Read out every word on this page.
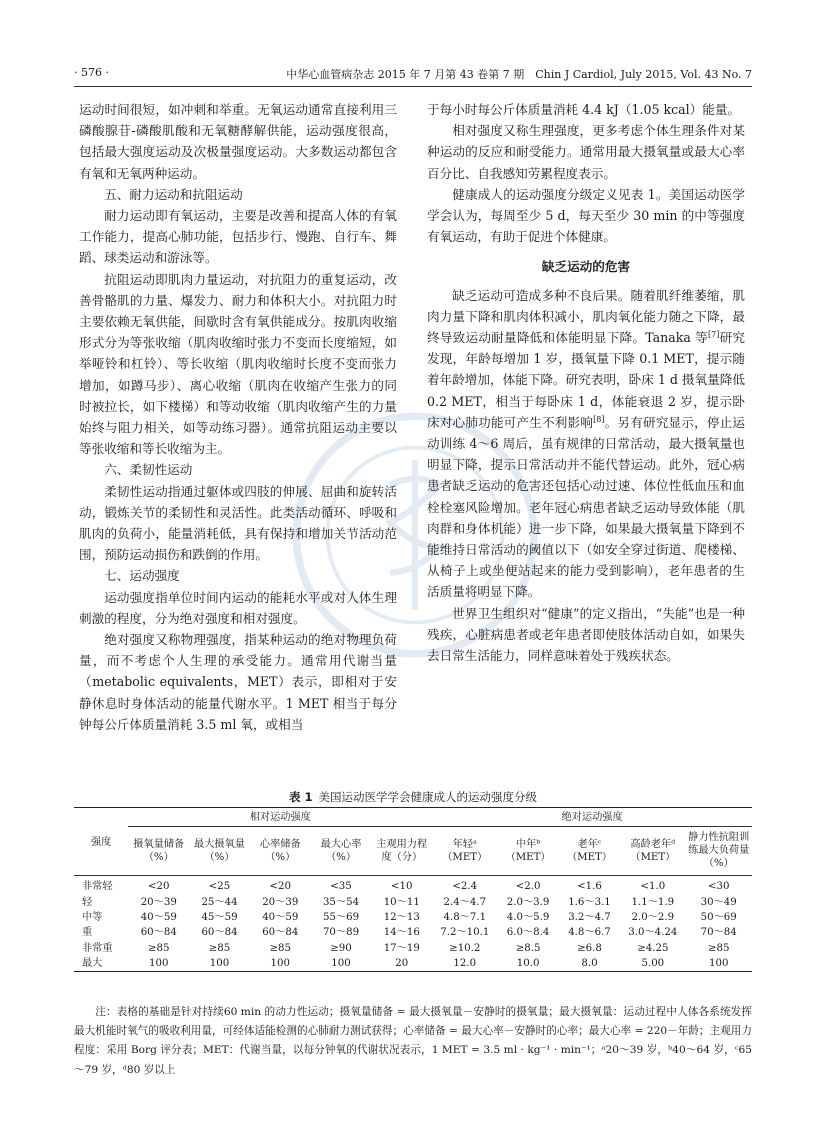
· 576 ·	中华心血管病杂志 2015 年 7 月第 43 卷第 7 期　Chin J Cardiol, July 2015, Vol. 43 No. 7

运动时间很短，如冲刺和举重。无氧运动通常直接利用三磷酸腺苷-磷酸肌酸和无氧糖酵解供能，运动强度很高，包括最大强度运动及次极量强度运动。大多数运动都包含有氧和无氧两种运动。

五、耐力运动和抗阻运动

耐力运动即有氧运动，主要是改善和提高人体的有氧工作能力，提高心肺功能，包括步行、慢跑、自行车、舞蹈、球类运动和游泳等。

抗阻运动即肌肉力量运动，对抗阻力的重复运动，改善骨骼肌的力量、爆发力、耐力和体积大小。对抗阻力时主要依赖无氧供能，间歇时含有氧供能成分。按肌肉收缩形式分为等张收缩（肌肉收缩时张力不变而长度缩短，如举哑铃和杠铃）、等长收缩（肌肉收缩时长度不变而张力增加，如蹲马步）、离心收缩（肌肉在收缩产生张力的同时被拉长，如下楼梯）和等动收缩（肌肉收缩产生的力量始终与阻力相关，如等动练习器）。通常抗阻运动主要以等张收缩和等长收缩为主。

六、柔韧性运动

柔韧性运动指通过躯体或四肢的伸展、屈曲和旋转活动，锻炼关节的柔韧性和灵活性。此类活动循环、呼吸和肌肉的负荷小，能量消耗低，具有保持和增加关节活动范围，预防运动损伤和跌倒的作用。

七、运动强度

运动强度指单位时间内运动的能耗水平或对人体生理刺激的程度，分为绝对强度和相对强度。

绝对强度又称物理强度，指某种运动的绝对物理负荷量，而不考虑个人生理的承受能力。通常用代谢当量（metabolic equivalents，MET）表示，即相对于安静休息时身体活动的能量代谢水平。1 MET 相当于每分钟每公斤体质量消耗 3.5 ml 氧，或相当

于每小时每公斤体质量消耗 4.4 kJ（1.05 kcal）能量。

相对强度又称生理强度，更多考虑个体生理条件对某种运动的反应和耐受能力。通常用最大摄氧量或最大心率百分比、自我感知劳累程度表示。

健康成人的运动强度分级定义见表 1。美国运动医学学会认为，每周至少 5 d，每天至少 30 min 的中等强度有氧运动，有助于促进个体健康。

缺乏运动的危害

缺乏运动可造成多种不良后果。随着肌纤维萎缩，肌肉力量下降和肌肉体积减小，肌肉氧化能力随之下降，最终导致运动耐量降低和体能明显下降。Tanaka 等[7]研究发现，年龄每增加 1 岁，摄氧量下降 0.1 MET，提示随着年龄增加，体能下降。研究表明，卧床 1 d 摄氧量降低 0.2 MET，相当于每卧床 1 d，体能衰退 2 岁，提示卧床对心肺功能可产生不利影响[8]。另有研究显示，停止运动训练 4～6 周后，虽有规律的日常活动，最大摄氧量也明显下降，提示日常活动并不能代替运动。此外，冠心病患者缺乏运动的危害还包括心动过速、体位性低血压和血栓栓塞风险增加。老年冠心病患者缺乏运动导致体能（肌肉群和身体机能）进一步下降，如果最大摄氧量下降到不能维持日常活动的阈值以下（如安全穿过街道、爬楼梯、从椅子上或坐便站起来的能力受到影响），老年患者的生活质量将明显下降。

世界卫生组织对“健康”的定义指出，“失能”也是一种残疾，心脏病患者或老年患者即使肢体活动自如，如果失去日常生活能力，同样意味着处于残疾状态。

表 1 美国运动医学学会健康成人的运动强度分级
强度	相对运动强度					绝对运动强度				
	摄氧量储备（%）	最大摄氧量（%）	心率储备（%）	最大心率（%）	主观用力程度（分）	年轻ᵃ（MET）	中年ᵇ（MET）	老年ᶜ（MET）	高龄老年ᵈ（MET）	静力性抗阻训练最大负荷量（%）
非常轻	<20	<25	<20	<35	<10	<2.4	<2.0	<1.6	<1.0	<30
轻	20～39	25～44	20～39	35～54	10～11	2.4～4.7	2.0～3.9	1.6～3.1	1.1～1.9	30～49
中等	40～59	45～59	40～59	55～69	12～13	4.8～7.1	4.0～5.9	3.2～4.7	2.0～2.9	50～69
重	60～84	60～84	60～84	70～89	14～16	7.2～10.1	6.0～8.4	4.8～6.7	3.0～4.24	70～84
非常重	≥85	≥85	≥85	≥90	17～19	≥10.2	≥8.5	≥6.8	≥4.25	≥85
最大	100	100	100	100	20	12.0	10.0	8.0	5.00	100

注：表格的基础是针对持续60 min 的动力性运动；摄氧量储备 = 最大摄氧量－安静时的摄氧量；最大摄氧量：运动过程中人体各系统发挥最大机能时氧气的吸收利用量，可经体适能检测的心肺耐力测试获得；心率储备 = 最大心率－安静时的心率；最大心率 = 220－年龄；主观用力程度：采用 Borg 评分表；MET：代谢当量，以每分钟氧的代谢状况表示，1 MET = 3.5 ml · kg⁻¹ · min⁻¹；ᵃ20～39 岁，ᵇ40～64 岁，ᶜ65～79 岁，ᵈ80 岁以上
